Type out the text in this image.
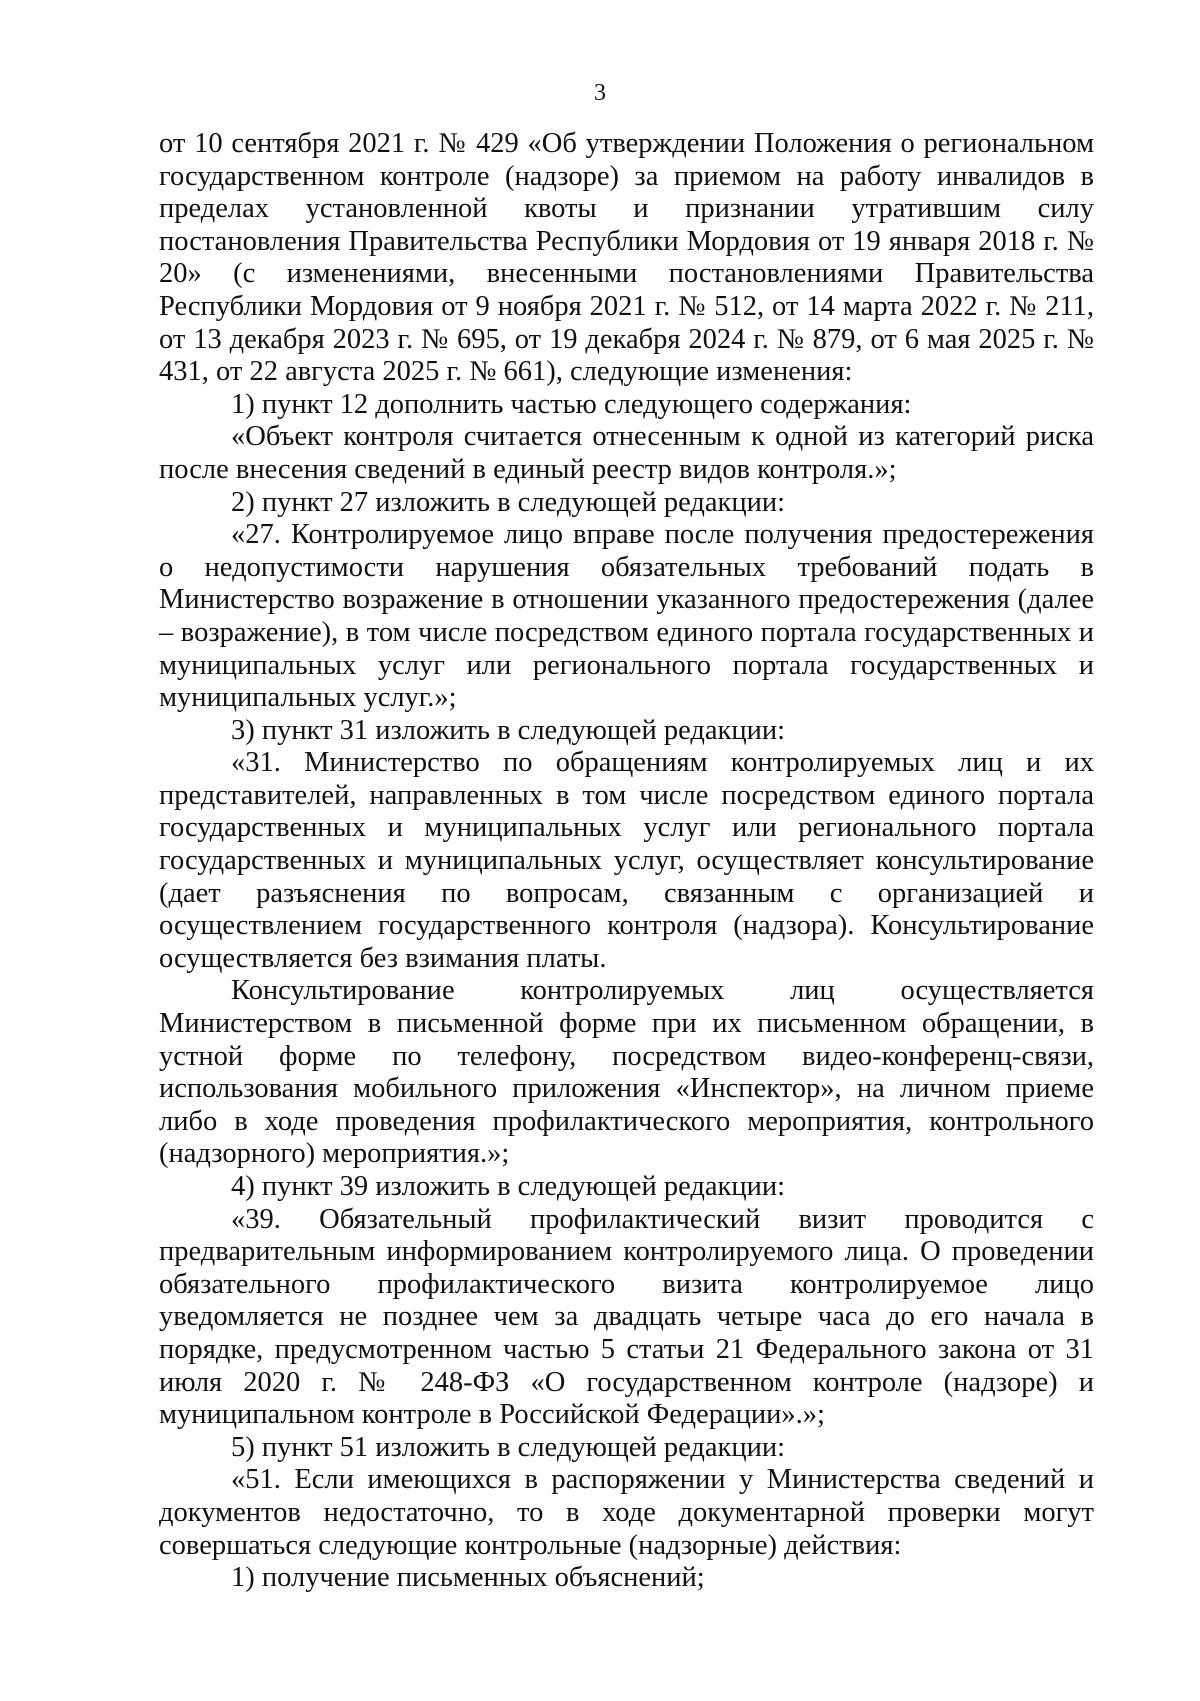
3

от 10 сентября 2021 г. № 429 «Об утверждении Положения о региональном государственном контроле (надзоре) за приемом на работу инвалидов в пределах установленной квоты и признании утратившим силу постановления Правительства Республики Мордовия от 19 января 2018 г. № 20» (с изменениями, внесенными постановлениями Правительства Республики Мордовия от 9 ноября 2021 г. № 512, от 14 марта 2022 г. № 211, от 13 декабря 2023 г. № 695, от 19 декабря 2024 г. № 879, от 6 мая 2025 г. № 431, от 22 августа 2025 г. № 661), следующие изменения:

1) пункт 12 дополнить частью следующего содержания:

«Объект контроля считается отнесенным к одной из категорий риска после внесения сведений в единый реестр видов контроля.»;

2) пункт 27 изложить в следующей редакции:

«27. Контролируемое лицо вправе после получения предостережения о недопустимости нарушения обязательных требований подать в Министерство возражение в отношении указанного предостережения (далее – возражение), в том числе посредством единого портала государственных и муниципальных услуг или регионального портала государственных и муниципальных услуг.»;

3) пункт 31 изложить в следующей редакции:

«31. Министерство по обращениям контролируемых лиц и их представителей, направленных в том числе посредством единого портала государственных и муниципальных услуг или регионального портала государственных и муниципальных услуг, осуществляет консультирование (дает разъяснения по вопросам, связанным с организацией и осуществлением государственного контроля (надзора). Консультирование осуществляется без взимания платы.

Консультирование контролируемых лиц осуществляется Министерством в письменной форме при их письменном обращении, в устной форме по телефону, посредством видео-конференц-связи, использования мобильного приложения «Инспектор», на личном приеме либо в ходе проведения профилактического мероприятия, контрольного (надзорного) мероприятия.»;

4) пункт 39 изложить в следующей редакции:

«39. Обязательный профилактический визит проводится с предварительным информированием контролируемого лица. О проведении обязательного профилактического визита контролируемое лицо уведомляется не позднее чем за двадцать четыре часа до его начала в порядке, предусмотренном частью 5 статьи 21 Федерального закона от 31 июля 2020 г. № 248-ФЗ «О государственном контроле (надзоре) и муниципальном контроле в Российской Федерации».»;

5) пункт 51 изложить в следующей редакции:

«51. Если имеющихся в распоряжении у Министерства сведений и документов недостаточно, то в ходе документарной проверки могут совершаться следующие контрольные (надзорные) действия:

1) получение письменных объяснений;
